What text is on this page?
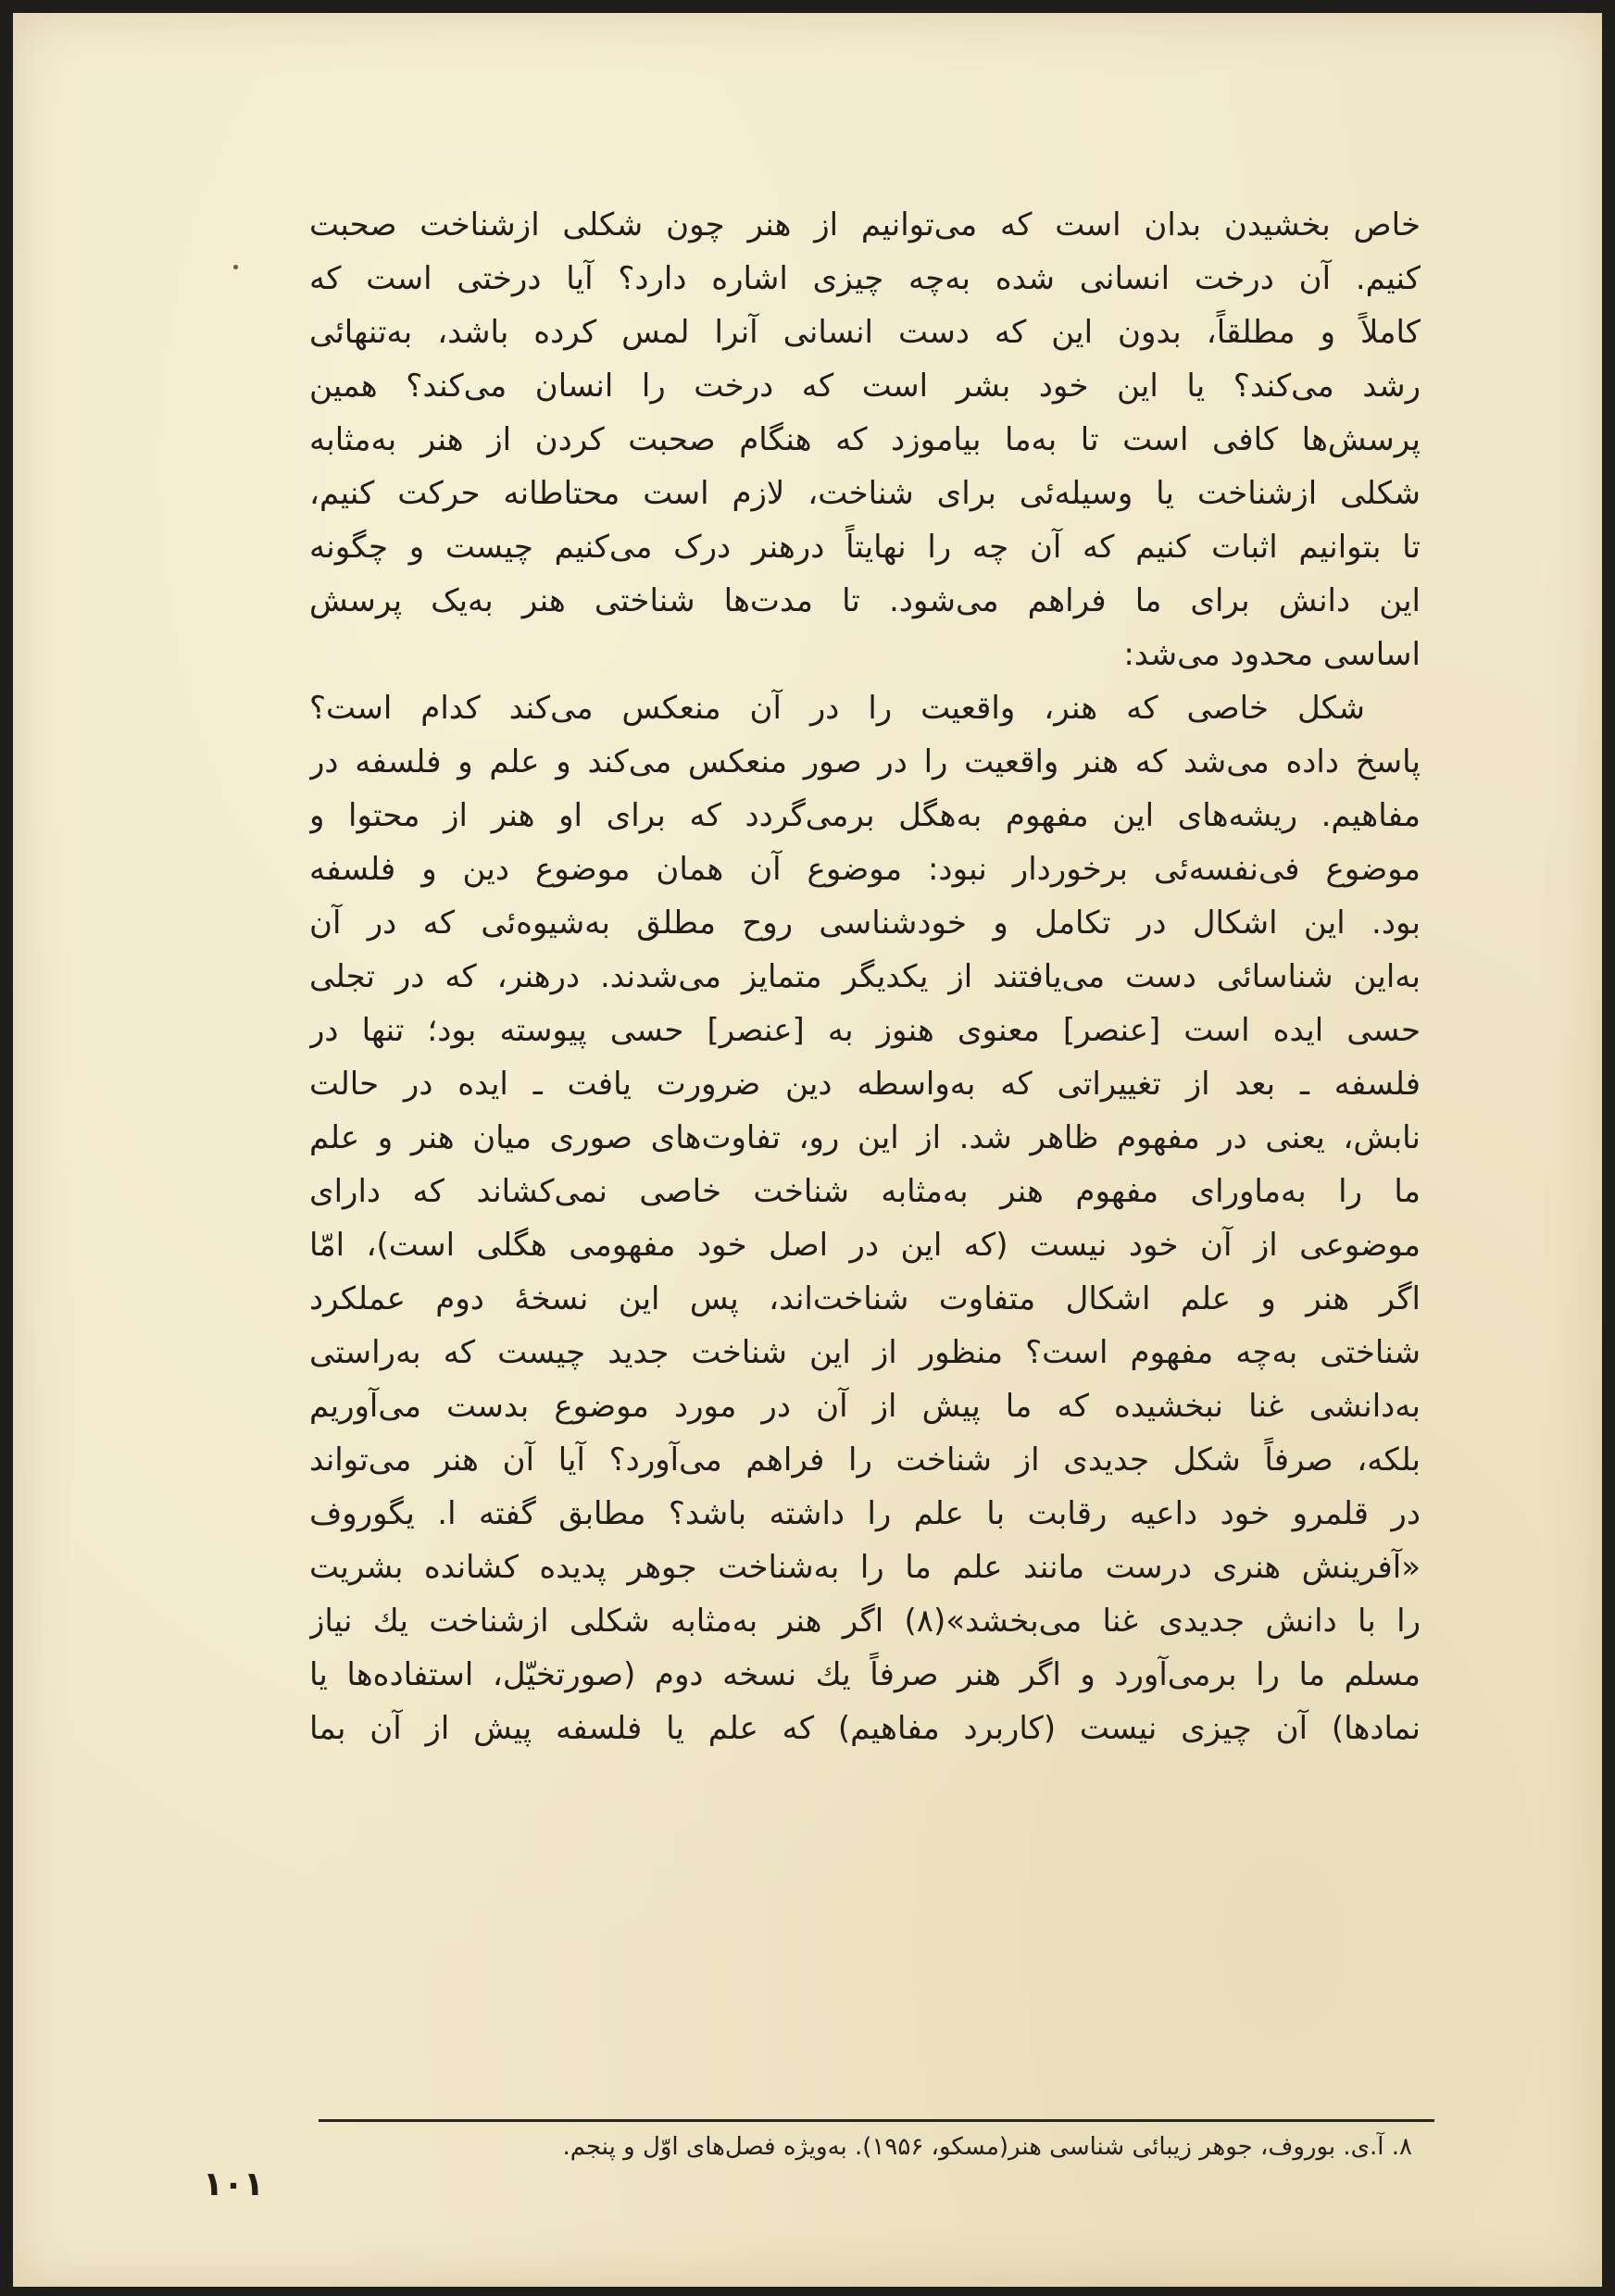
خاص بخشیدن بدان است که می‌توانیم از هنر چون شکلی ازشناخت صحبت
کنیم. آن درخت انسانی شده به‌چه چیزی اشاره دارد؟ آیا درختی است که
کاملاً و مطلقاً، بدون این که دست انسانی آنرا لمس کرده باشد، به‌تنهائی
رشد می‌کند؟ یا این خود بشر است که درخت را انسان می‌کند؟ همین
پرسش‌ها کافی است تا به‌ما بیاموزد که هنگام صحبت کردن از هنر به‌مثابه
شکلی ازشناخت یا وسیله‌ئی برای شناخت، لازم است محتاطانه حرکت کنیم،
تا بتوانیم اثبات کنیم که آن چه را نهایتاً درهنر درک می‌کنیم چیست و چگونه
این دانش برای ما فراهم می‌شود. تا مدت‌ها شناختی هنر به‌یک پرسش
اساسی محدود می‌شد:
شکل خاصی که هنر، واقعیت را در آن منعکس می‌کند کدام است؟
پاسخ داده می‌شد که هنر واقعیت را در صور منعکس می‌کند و علم و فلسفه در
مفاهیم. ریشه‌های این مفهوم به‌هگل برمی‌گردد که برای او هنر از محتوا و
موضوع فی‌نفسه‌ئی برخوردار نبود: موضوع آن همان موضوع دین و فلسفه
بود. این اشکال در تکامل و خودشناسی روح مطلق به‌شیوه‌ئی که در آن
به‌این شناسائی دست می‌یافتند از یکدیگر متمایز می‌شدند. درهنر، که در تجلی
حسی ایده است [عنصر] معنوی هنوز به [عنصر] حسی پیوسته بود؛ تنها در
فلسفه ـ بعد از تغییراتی که به‌واسطه دین ضرورت یافت ـ ایده در حالت
نابش، یعنی در مفهوم ظاهر شد. از این رو، تفاوت‌های صوری میان هنر و علم
ما را به‌ماورای مفهوم هنر به‌مثابه شناخت خاصی نمی‌کشاند که دارای
موضوعی از آن خود نیست (که این در اصل خود مفهومی هگلی است)، امّا
اگر هنر و علم اشکال متفاوت شناخت‌اند، پس این نسخهٔ دوم عملکرد
شناختی به‌چه مفهوم است؟ منظور از این شناخت جدید چیست که به‌راستی
به‌دانشی غنا نبخشیده که ما پیش از آن در مورد موضوع بدست می‌آوریم
بلکه، صرفاً شکل جدیدی از شناخت را فراهم می‌آورد؟ آیا آن هنر می‌تواند
در قلمرو خود داعیه رقابت با علم را داشته باشد؟ مطابق گفته ا. یگوروف
«آفرینش هنری درست مانند علم ما را به‌شناخت جوهر پدیده کشانده بشریت
را با دانش جدیدی غنا می‌بخشد»(۸) اگر هنر به‌مثابه شکلی ازشناخت یك نیاز
مسلم ما را برمی‌آورد و اگر هنر صرفاً یك نسخه دوم (صورتخیّل، استفاده‌ها یا
نمادها) آن چیزی نیست (کاربرد مفاهیم) که علم یا فلسفه پیش از آن بما
۸. آ.ی. بوروف، جوهر زیبائی شناسی هنر(مسکو، ۱۹۵۶). به‌ویژه فصل‌های اوّل و پنجم.
۱۰۱
